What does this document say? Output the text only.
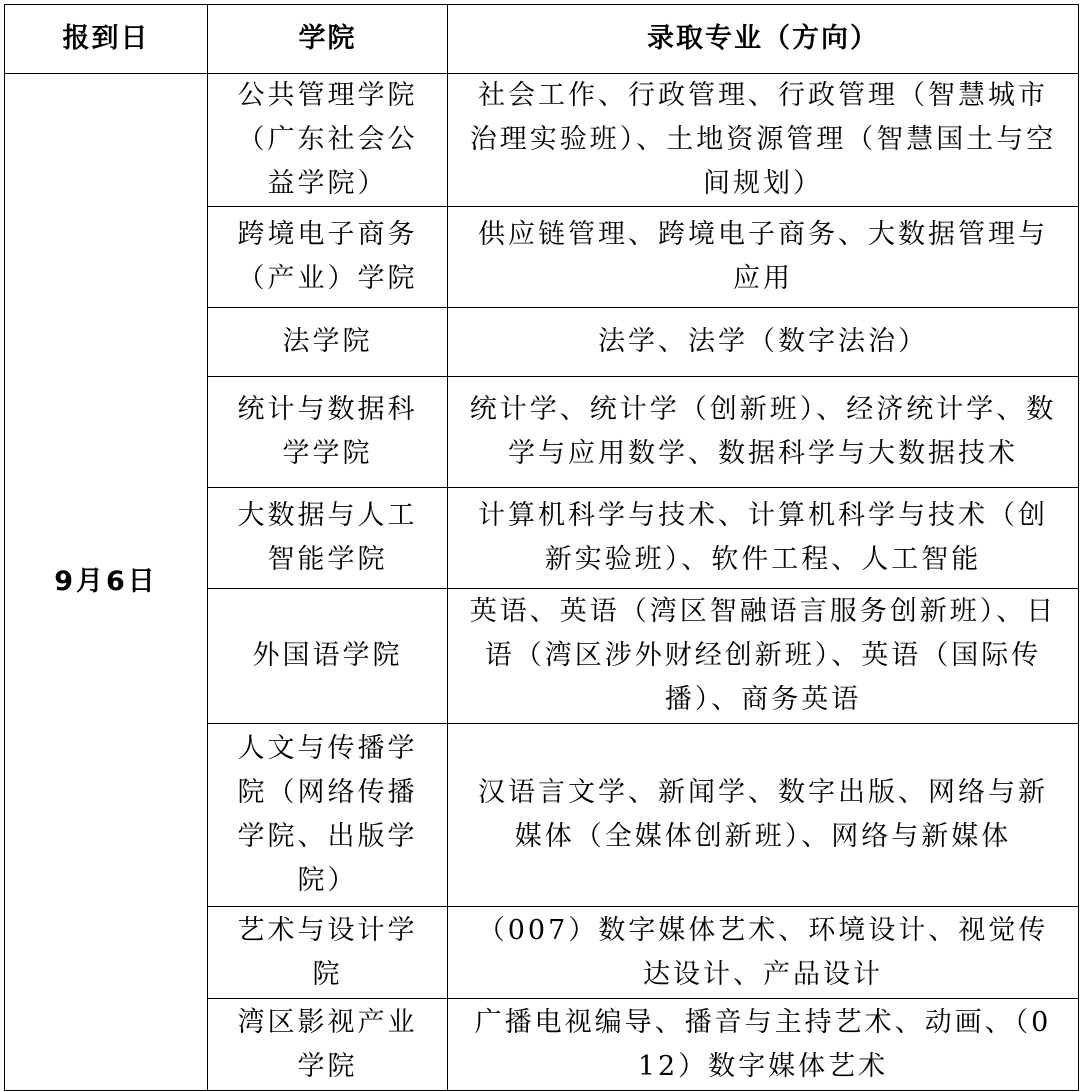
报到日	学院	录取专业（方向）
9月6日	公共管理学院（广东社会公益学院）	社会工作、行政管理、行政管理（智慧城市治理实验班）、土地资源管理（智慧国土与空间规划）
	跨境电子商务（产业）学院	供应链管理、跨境电子商务、大数据管理与应用
	法学院	法学、法学（数字法治）
	统计与数据科学学院	统计学、统计学（创新班）、经济统计学、数学与应用数学、数据科学与大数据技术
	大数据与人工智能学院	计算机科学与技术、计算机科学与技术（创新实验班）、软件工程、人工智能
	外国语学院	英语、英语（湾区智融语言服务创新班）、日语（湾区涉外财经创新班）、英语（国际传播）、商务英语
	人文与传播学院（网络传播学院、出版学院）	汉语言文学、新闻学、数字出版、网络与新媒体（全媒体创新班）、网络与新媒体
	艺术与设计学院	（007）数字媒体艺术、环境设计、视觉传达设计、产品设计
	湾区影视产业学院	广播电视编导、播音与主持艺术、动画、（012）数字媒体艺术
